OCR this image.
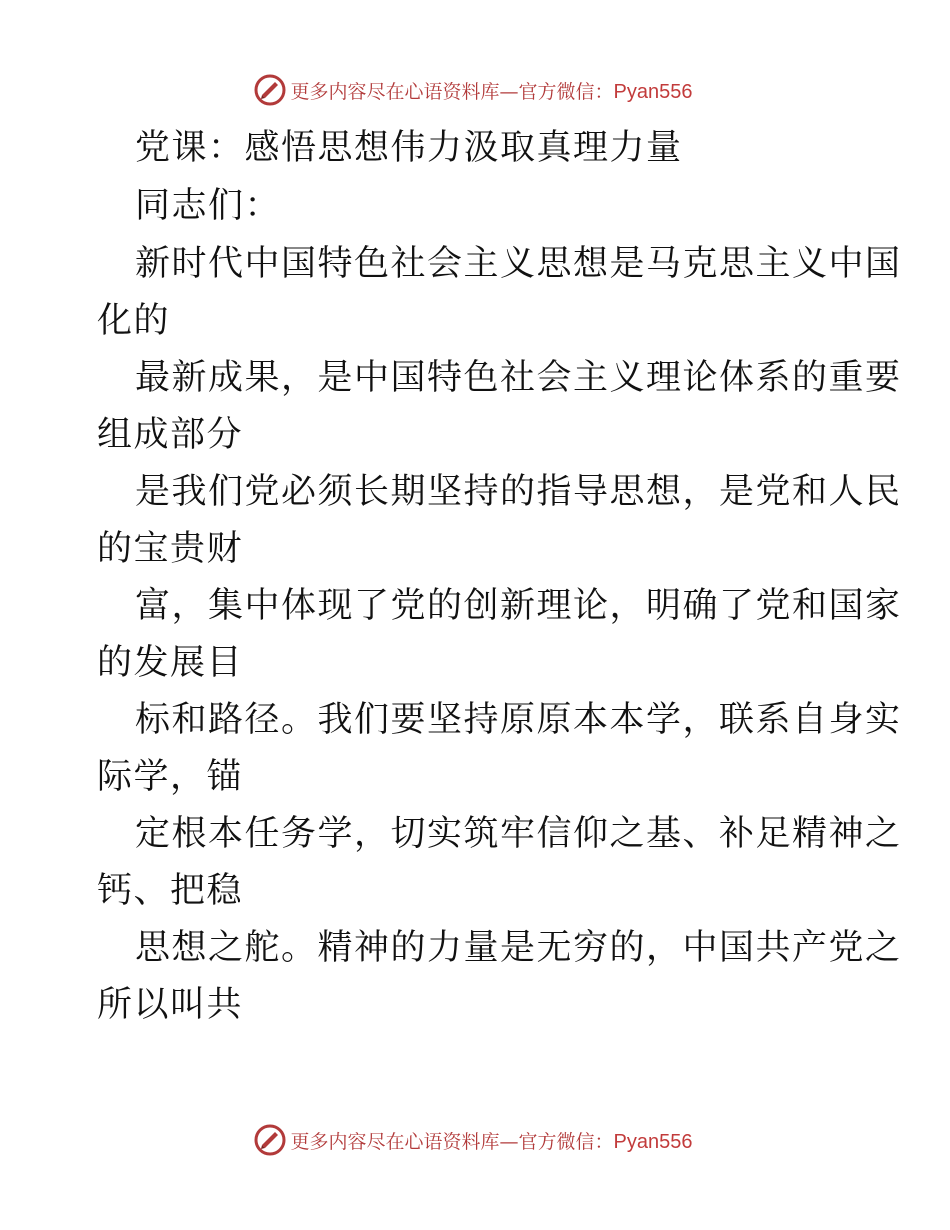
更多内容尽在心语资料库—官方微信：Pyan556
党课：感悟思想伟力汲取真理力量
同志们：
新时代中国特色社会主义思想是马克思主义中国
化的
最新成果，是中国特色社会主义理论体系的重要
组成部分
是我们党必须长期坚持的指导思想，是党和人民
的宝贵财
富，集中体现了党的创新理论，明确了党和国家
的发展目
标和路径。我们要坚持原原本本学，联系自身实
际学，锚
定根本任务学，切实筑牢信仰之基、补足精神之
钙、把稳
思想之舵。精神的力量是无穷的，中国共产党之
所以叫共
更多内容尽在心语资料库—官方微信：Pyan556
